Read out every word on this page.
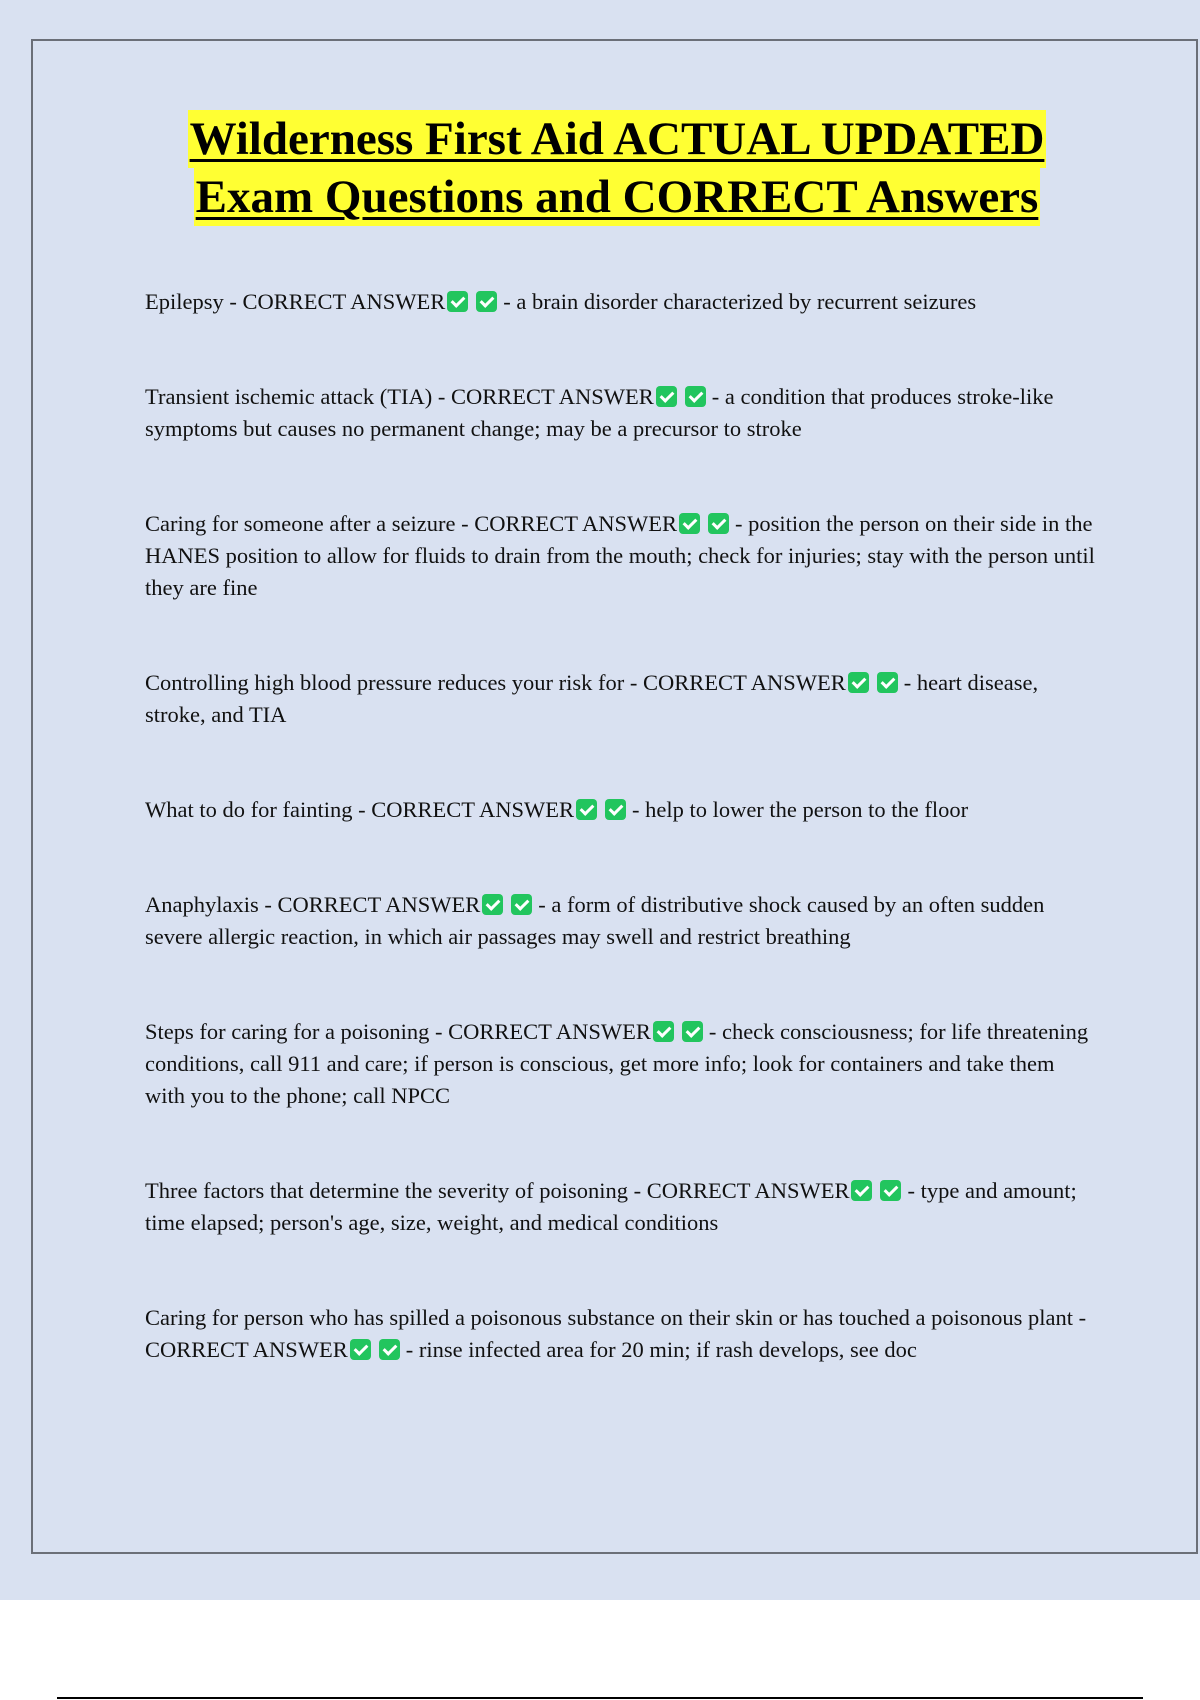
Wilderness First Aid ACTUAL UPDATED
Exam Questions and CORRECT Answers

Epilepsy - CORRECT ANSWER	- a brain disorder characterized by recurrent seizures

Transient ischemic attack (TIA) - CORRECT ANSWER	- a condition that produces stroke-like symptoms but causes no permanent change; may be a precursor to stroke

Caring for someone after a seizure - CORRECT ANSWER	- position the person on their side in the HANES position to allow for fluids to drain from the mouth; check for injuries; stay with the person until they are fine

Controlling high blood pressure reduces your risk for - CORRECT ANSWER	- heart disease, stroke, and TIA

What to do for fainting - CORRECT ANSWER	- help to lower the person to the floor

Anaphylaxis - CORRECT ANSWER	- a form of distributive shock caused by an often sudden severe allergic reaction, in which air passages may swell and restrict breathing

Steps for caring for a poisoning - CORRECT ANSWER	- check consciousness; for life threatening conditions, call 911 and care; if person is conscious, get more info; look for containers and take them with you to the phone; call NPCC

Three factors that determine the severity of poisoning - CORRECT ANSWER	- type and amount; time elapsed; person's age, size, weight, and medical conditions

Caring for person who has spilled a poisonous substance on their skin or has touched a poisonous plant - CORRECT ANSWER	- rinse infected area for 20 min; if rash develops, see doc
